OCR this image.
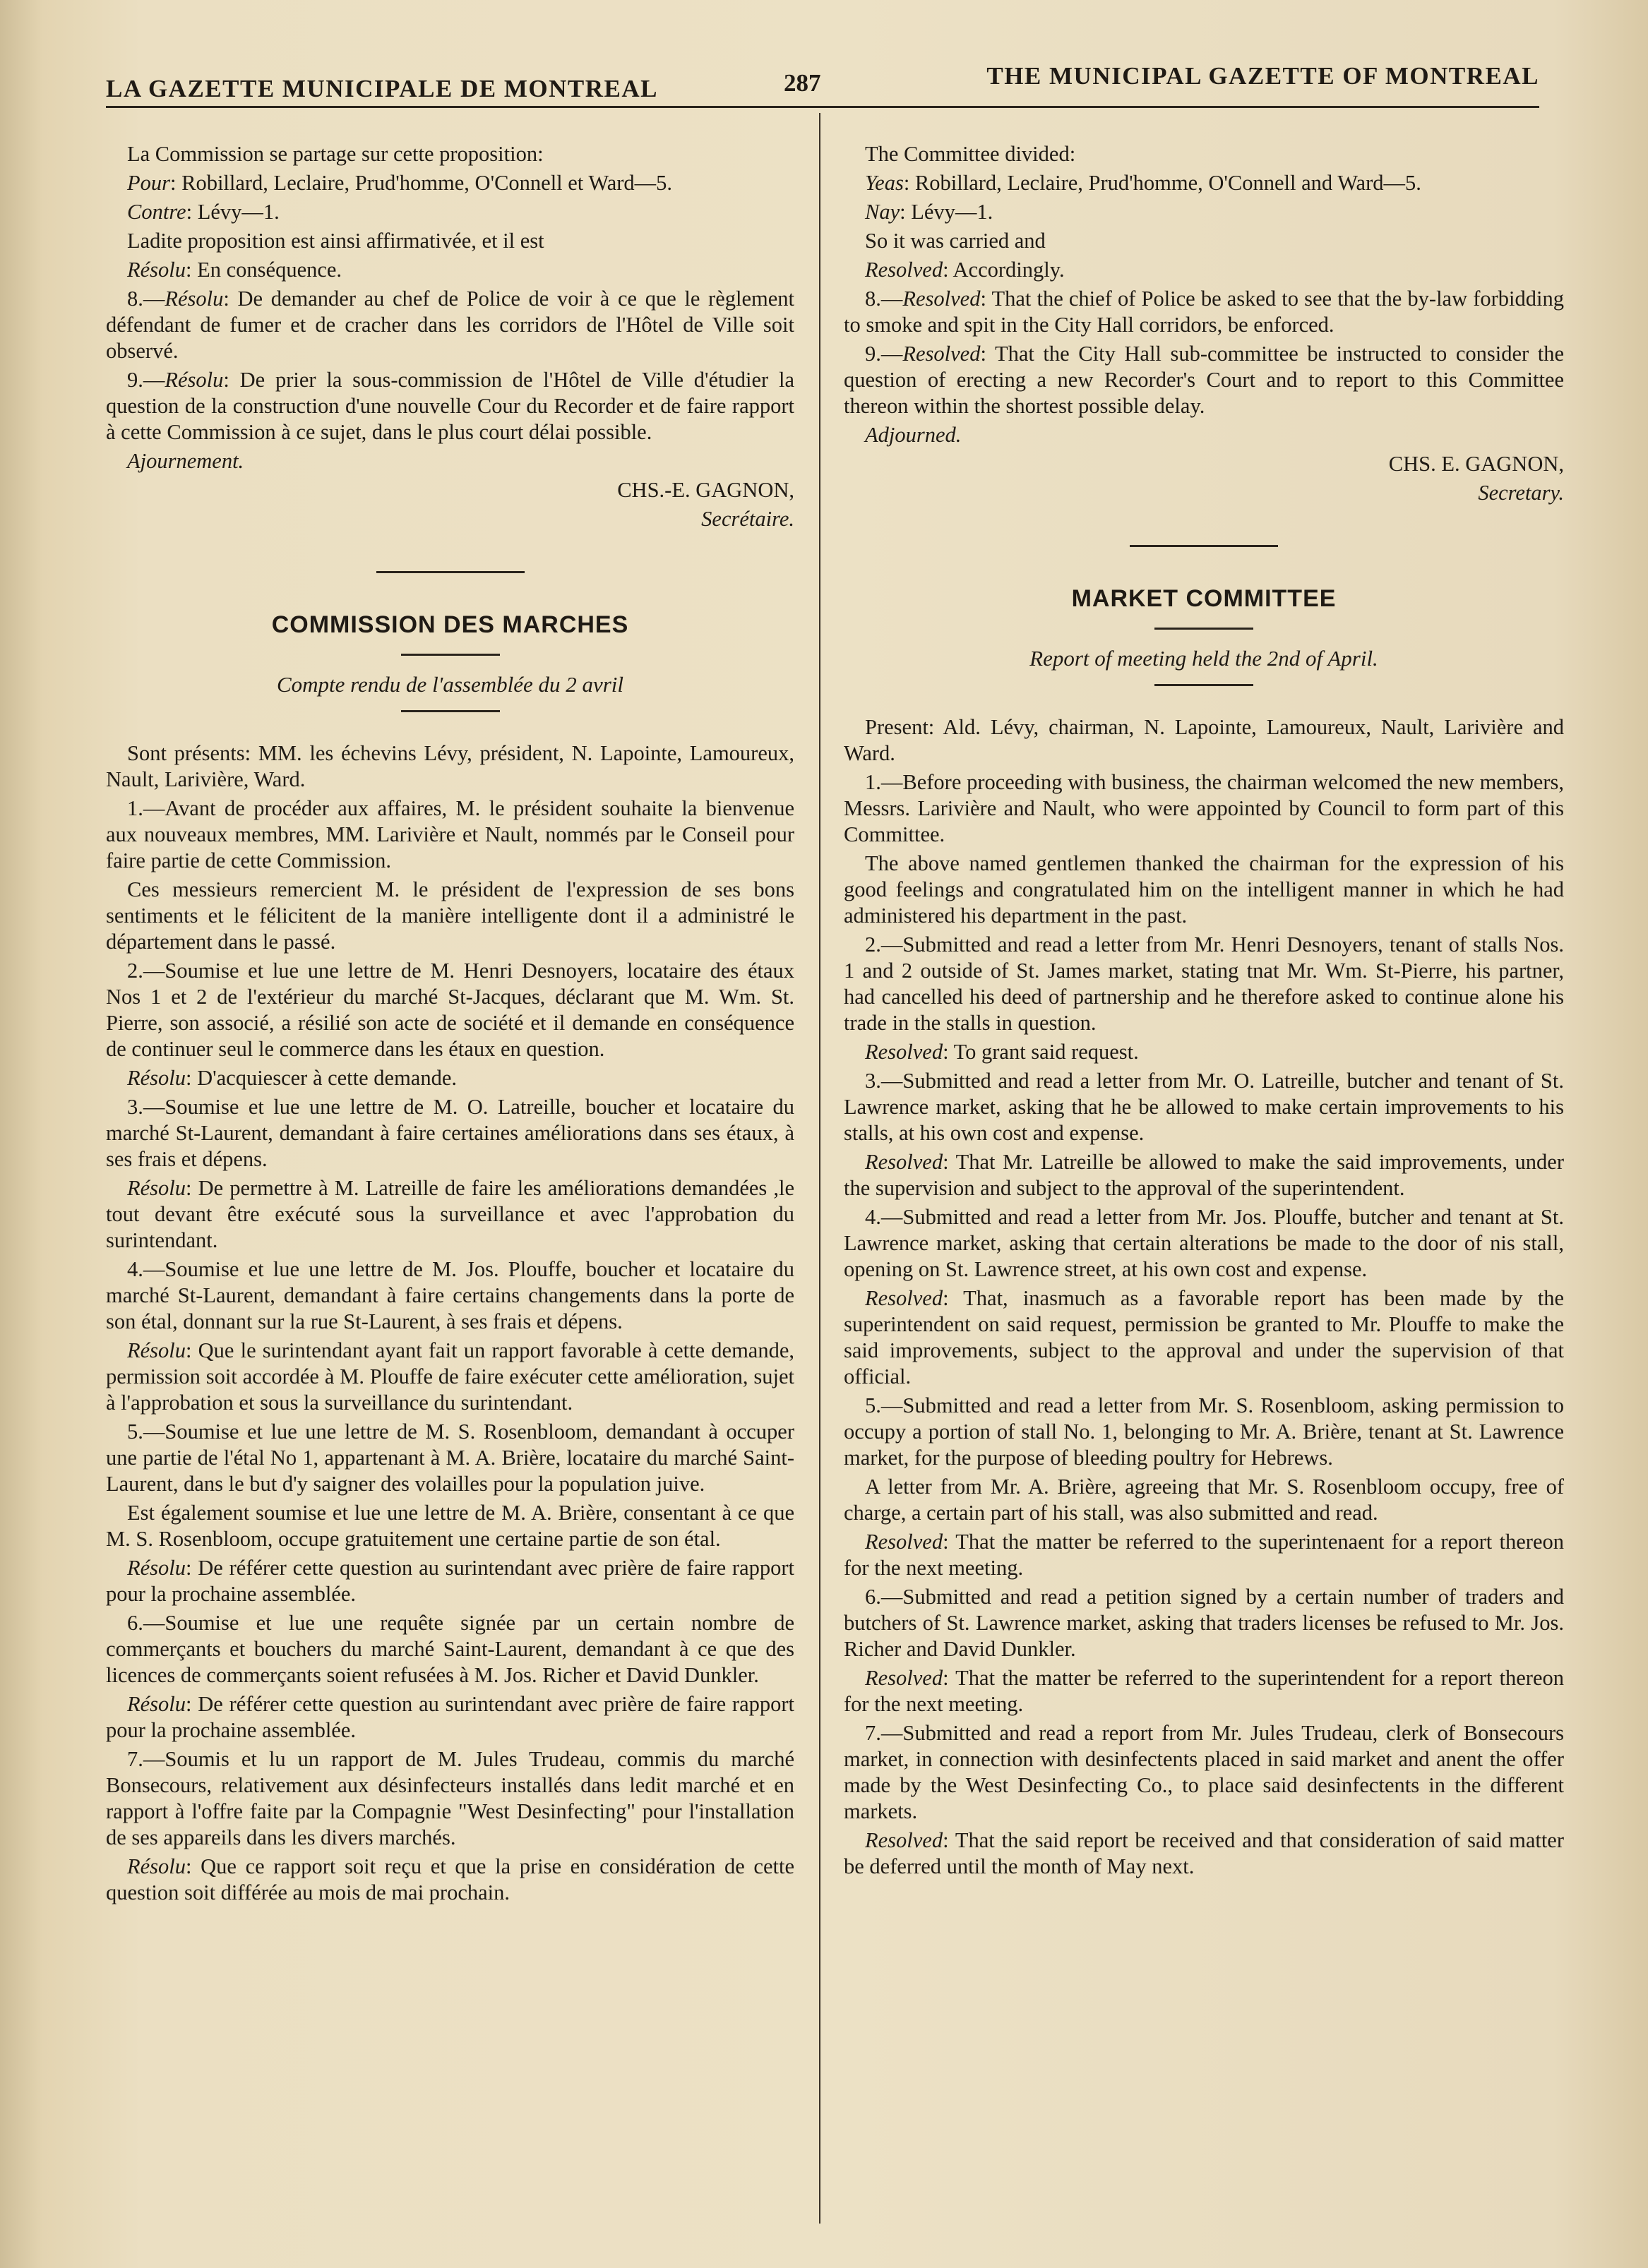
LA GAZETTE MUNICIPALE DE MONTREAL	287	THE MUNICIPAL GAZETTE OF MONTREAL

La Commission se partage sur cette proposition:

Pour: Robillard, Leclaire, Prud'homme, O'Connell et Ward—5.

Contre: Lévy—1.

Ladite proposition est ainsi affirmativée, et il est

Résolu: En conséquence.

8.—Résolu: De demander au chef de Police de voir à ce que le règlement défendant de fumer et de cracher dans les corridors de l'Hôtel de Ville soit observé.

9.—Résolu: De prier la sous-commission de l'Hôtel de Ville d'étudier la question de la construction d'une nouvelle Cour du Recorder et de faire rapport à cette Commission à ce sujet, dans le plus court délai possible.

Ajournement.

CHS.-E. GAGNON,

Secrétaire.

COMMISSION DES MARCHES

Compte rendu de l'assemblée du 2 avril

Sont présents: MM. les échevins Lévy, président, N. Lapointe, Lamoureux, Nault, Larivière, Ward.

1.—Avant de procéder aux affaires, M. le président souhaite la bienvenue aux nouveaux membres, MM. Larivière et Nault, nommés par le Conseil pour faire partie de cette Commission.

Ces messieurs remercient M. le président de l'expression de ses bons sentiments et le félicitent de la manière intelligente dont il a administré le département dans le passé.

2.—Soumise et lue une lettre de M. Henri Desnoyers, locataire des étaux Nos 1 et 2 de l'extérieur du marché St-Jacques, déclarant que M. Wm. St. Pierre, son associé, a résilié son acte de société et il demande en conséquence de continuer seul le commerce dans les étaux en question.

Résolu: D'acquiescer à cette demande.

3.—Soumise et lue une lettre de M. O. Latreille, boucher et locataire du marché St-Laurent, demandant à faire certaines améliorations dans ses étaux, à ses frais et dépens.

Résolu: De permettre à M. Latreille de faire les améliorations demandées ,le tout devant être exécuté sous la surveillance et avec l'approbation du surintendant.

4.—Soumise et lue une lettre de M. Jos. Plouffe, boucher et locataire du marché St-Laurent, demandant à faire certains changements dans la porte de son étal, donnant sur la rue St-Laurent, à ses frais et dépens.

Résolu: Que le surintendant ayant fait un rapport favorable à cette demande, permission soit accordée à M. Plouffe de faire exécuter cette amélioration, sujet à l'approbation et sous la surveillance du surintendant.

5.—Soumise et lue une lettre de M. S. Rosenbloom, demandant à occuper une partie de l'étal No 1, appartenant à M. A. Brière, locataire du marché Saint-Laurent, dans le but d'y saigner des volailles pour la population juive.

Est également soumise et lue une lettre de M. A. Brière, consentant à ce que M. S. Rosenbloom, occupe gratuitement une certaine partie de son étal.

Résolu: De référer cette question au surintendant avec prière de faire rapport pour la prochaine assemblée.

6.—Soumise et lue une requête signée par un certain nombre de commerçants et bouchers du marché Saint-Laurent, demandant à ce que des licences de commerçants soient refusées à M. Jos. Richer et David Dunkler.

Résolu: De référer cette question au surintendant avec prière de faire rapport pour la prochaine assemblée.

7.—Soumis et lu un rapport de M. Jules Trudeau, commis du marché Bonsecours, relativement aux désinfecteurs installés dans ledit marché et en rapport à l'offre faite par la Compagnie "West Desinfecting" pour l'installation de ses appareils dans les divers marchés.

Résolu: Que ce rapport soit reçu et que la prise en considération de cette question soit différée au mois de mai prochain.

The Committee divided:

Yeas: Robillard, Leclaire, Prud'homme, O'Connell and Ward—5.

Nay: Lévy—1.

So it was carried and

Resolved: Accordingly.

8.—Resolved: That the chief of Police be asked to see that the by-law forbidding to smoke and spit in the City Hall corridors, be enforced.

9.—Resolved: That the City Hall sub-committee be instructed to consider the question of erecting a new Recorder's Court and to report to this Committee thereon within the shortest possible delay.

Adjourned.

CHS. E. GAGNON,

Secretary.

MARKET COMMITTEE

Report of meeting held the 2nd of April.

Present: Ald. Lévy, chairman, N. Lapointe, Lamoureux, Nault, Larivière and Ward.

1.—Before proceeding with business, the chairman welcomed the new members, Messrs. Larivière and Nault, who were appointed by Council to form part of this Committee.

The above named gentlemen thanked the chairman for the expression of his good feelings and congratulated him on the intelligent manner in which he had administered his department in the past.

2.—Submitted and read a letter from Mr. Henri Desnoyers, tenant of stalls Nos. 1 and 2 outside of St. James market, stating tnat Mr. Wm. St-Pierre, his partner, had cancelled his deed of partnership and he therefore asked to continue alone his trade in the stalls in question.

Resolved: To grant said request.

3.—Submitted and read a letter from Mr. O. Latreille, butcher and tenant of St. Lawrence market, asking that he be allowed to make certain improvements to his stalls, at his own cost and expense.

Resolved: That Mr. Latreille be allowed to make the said improvements, under the supervision and subject to the approval of the superintendent.

4.—Submitted and read a letter from Mr. Jos. Plouffe, butcher and tenant at St. Lawrence market, asking that certain alterations be made to the door of nis stall, opening on St. Lawrence street, at his own cost and expense.

Resolved: That, inasmuch as a favorable report has been made by the superintendent on said request, permission be granted to Mr. Plouffe to make the said improvements, subject to the approval and under the supervision of that official.

5.—Submitted and read a letter from Mr. S. Rosenbloom, asking permission to occupy a portion of stall No. 1, belonging to Mr. A. Brière, tenant at St. Lawrence market, for the purpose of bleeding poultry for Hebrews.

A letter from Mr. A. Brière, agreeing that Mr. S. Rosenbloom occupy, free of charge, a certain part of his stall, was also submitted and read.

Resolved: That the matter be referred to the superintenaent for a report thereon for the next meeting.

6.—Submitted and read a petition signed by a certain number of traders and butchers of St. Lawrence market, asking that traders licenses be refused to Mr. Jos. Richer and David Dunkler.

Resolved: That the matter be referred to the superintendent for a report thereon for the next meeting.

7.—Submitted and read a report from Mr. Jules Trudeau, clerk of Bonsecours market, in connection with desinfectents placed in said market and anent the offer made by the West Desinfecting Co., to place said desinfectents in the different markets.

Resolved: That the said report be received and that consideration of said matter be deferred until the month of May next.
